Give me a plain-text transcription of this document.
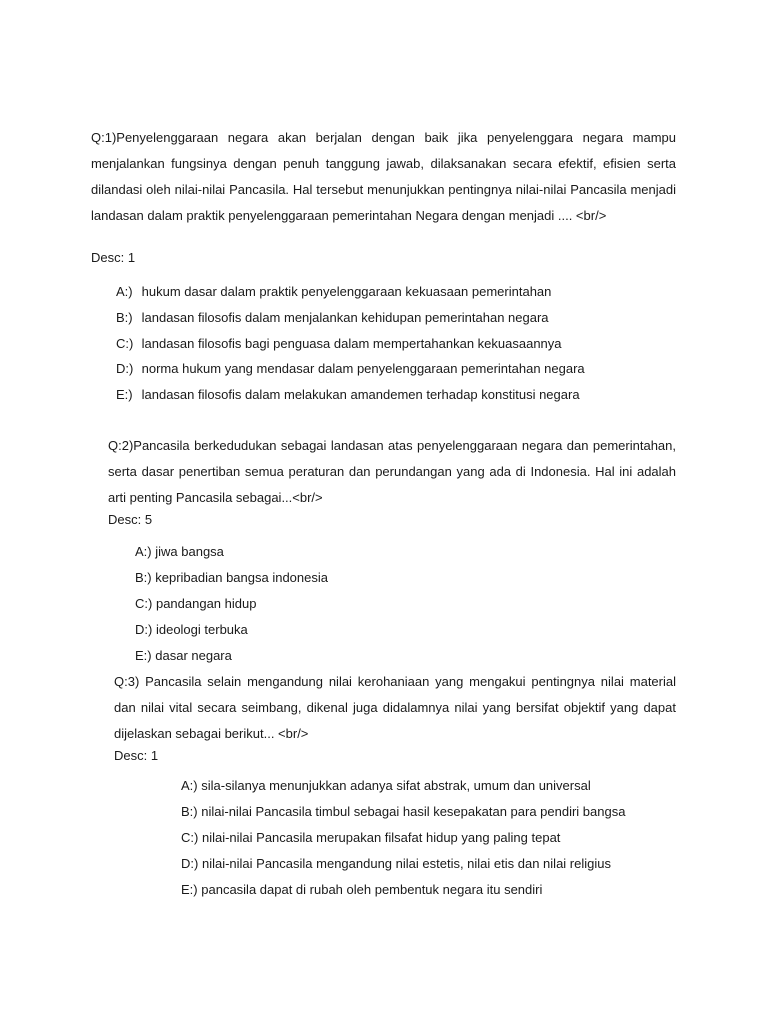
Q:1)Penyelenggaraan negara akan berjalan dengan baik jika penyelenggara negara mampu menjalankan fungsinya dengan penuh tanggung jawab, dilaksanakan secara efektif, efisien serta dilandasi oleh nilai-nilai Pancasila. Hal tersebut menunjukkan pentingnya nilai-nilai Pancasila menjadi landasan dalam praktik penyelenggaraan pemerintahan Negara dengan menjadi .... <br/>

Desc: 1
A:) hukum dasar dalam praktik penyelenggaraan kekuasaan pemerintahan
B:) landasan filosofis dalam menjalankan kehidupan pemerintahan negara
C:) landasan filosofis bagi penguasa dalam mempertahankan kekuasaannya
D:) norma hukum yang mendasar dalam penyelenggaraan pemerintahan negara
E:) landasan filosofis dalam melakukan amandemen terhadap konstitusi negara

Q:2)Pancasila berkedudukan sebagai landasan atas penyelenggaraan negara dan pemerintahan, serta dasar penertiban semua peraturan dan perundangan yang ada di Indonesia. Hal ini adalah arti penting Pancasila sebagai...<br/>

Desc: 5
A:) jiwa bangsa
B:) kepribadian bangsa indonesia
C:) pandangan hidup
D:) ideologi terbuka
E:) dasar negara

Q:3) Pancasila selain mengandung nilai kerohaniaan yang mengakui pentingnya nilai material dan nilai vital secara seimbang, dikenal juga didalamnya nilai yang bersifat objektif yang dapat dijelaskan sebagai berikut... <br/>

Desc: 1
A:) sila-silanya menunjukkan adanya sifat abstrak, umum dan universal
B:) nilai-nilai Pancasila timbul sebagai hasil kesepakatan para pendiri bangsa
C:) nilai-nilai Pancasila merupakan filsafat hidup yang paling tepat
D:) nilai-nilai Pancasila mengandung nilai estetis, nilai etis dan nilai religius
E:) pancasila dapat di rubah oleh pembentuk negara itu sendiri
